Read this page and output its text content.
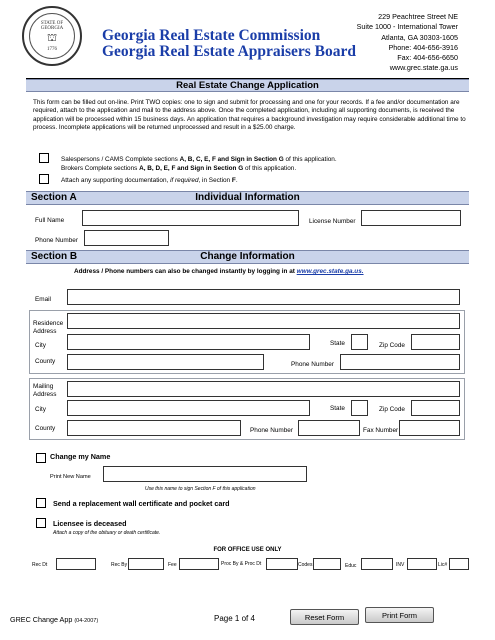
STATE OF GEORGIA
⛫
1776
Georgia Real Estate Commission
Georgia Real Estate Appraisers Board
229 Peachtree Street NE
Suite 1000 - International Tower
Atlanta, GA 30303-1605
Phone: 404-656-3916
Fax: 404-656-6650
www.grec.state.ga.us
Real Estate Change Application
This form can be filled out on-line. Print TWO copies: one to sign and submit for processing and one for your records. If a fee and/or documentation are required, attach to the application and mail to the address above. Once the completed application, including all supporting documents, is received the application will be processed within 15 business days. An application that requires a background investigation may require considerable additional time to process. Incomplete applications will be returned unprocessed and result in a $25.00 charge.
Salespersons / CAMS Complete sections A, B, C, E, F and Sign in Section G of this application.
Brokers Complete sections A, B, D, E, F and Sign in Section G of this application.
Attach any supporting documentation, if required, in Section F.
Section A	Individual Information
Full Name	License Number
Phone Number
Section B	Change Information
Address / Phone numbers can also be changed instantly by logging in at www.grec.state.ga.us.
Email
Residence Address
City	State	Zip Code
County	Phone Number
Mailing Address
City	State	Zip Code
County	Phone Number	Fax Number
Change my Name
Print New Name
Use this name to sign Section F of this application
Send a replacement wall certificate and pocket card
Licensee is deceased
Attach a copy of the obituary or death certificate.
FOR OFFICE USE ONLY
Rec Dt	Rec By	Fee	Proc By & Proc Dt	Codes	Educ	INV	Lic#
GREC Change App (04-2007)	Page 1 of 4	Reset Form	Print Form
